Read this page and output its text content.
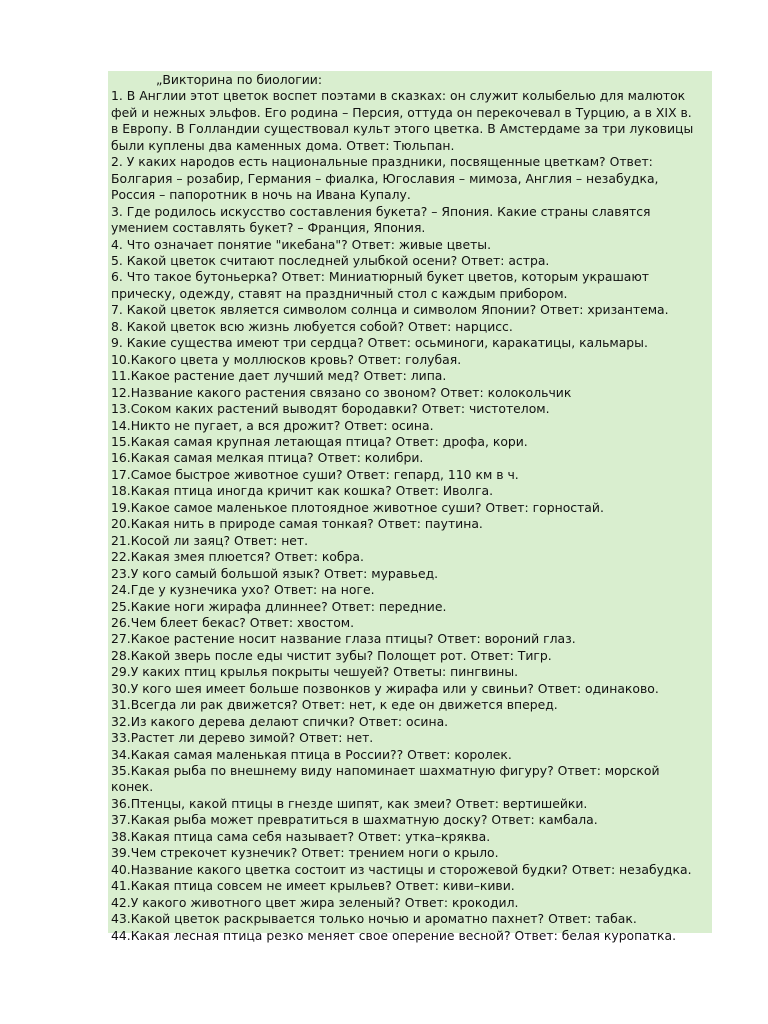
„Викторина по биологии:
1. В Англии этот цветок воспет поэтами в сказках: он служит колыбелью для малюток
фей и нежных эльфов. Его родина – Персия, оттуда он перекочевал в Турцию, а в XIX в.
в Европу. В Голландии существовал культ этого цветка. В Амстердаме за три луковицы
были куплены два каменных дома. Ответ: Тюльпан.
2. У каких народов есть национальные праздники, посвященные цветкам? Ответ:
Болгария – розабир, Германия – фиалка, Югославия – мимоза, Англия – незабудка,
Россия – папоротник в ночь на Ивана Купалу.
3. Где родилось искусство составления букета? – Япония. Какие страны славятся
умением составлять букет? – Франция, Япония.
4. Что означает понятие "икебана"? Ответ: живые цветы.
5. Какой цветок считают последней улыбкой осени? Ответ: астра.
6. Что такое бутоньерка? Ответ: Миниатюрный букет цветов, которым украшают
прическу, одежду, ставят на праздничный стол с каждым прибором.
7. Какой цветок является символом солнца и символом Японии? Ответ: хризантема.
8. Какой цветок всю жизнь любуется собой? Ответ: нарцисс.
9. Какие существа имеют три сердца? Ответ: осьминоги, каракатицы, кальмары.
10.Какого цвета у моллюсков кровь? Ответ: голубая.
11.Какое растение дает лучший мед? Ответ: липа.
12.Название какого растения связано со звоном? Ответ: колокольчик
13.Соком каких растений выводят бородавки? Ответ: чистотелом.
14.Никто не пугает, а вся дрожит? Ответ: осина.
15.Какая самая крупная летающая птица? Ответ: дрофа, кори.
16.Какая самая мелкая птица? Ответ: колибри.
17.Самое быстрое животное суши? Ответ: гепард, 110 км в ч.
18.Какая птица иногда кричит как кошка? Ответ: Иволга.
19.Какое самое маленькое плотоядное животное суши? Ответ: горностай.
20.Какая нить в природе самая тонкая? Ответ: паутина.
21.Косой ли заяц? Ответ: нет.
22.Какая змея плюется? Ответ: кобра.
23.У кого самый большой язык? Ответ: муравьед.
24.Где у кузнечика ухо? Ответ: на ноге.
25.Какие ноги жирафа длиннее? Ответ: передние.
26.Чем блеет бекас? Ответ: хвостом.
27.Какое растение носит название глаза птицы? Ответ: вороний глаз.
28.Какой зверь после еды чистит зубы? Полощет рот. Ответ: Тигр.
29.У каких птиц крылья покрыты чешуей? Ответы: пингвины.
30.У кого шея имеет больше позвонков у жирафа или у свиньи? Ответ: одинаково.
31.Всегда ли рак движется? Ответ: нет, к еде он движется вперед.
32.Из какого дерева делают спички? Ответ: осина.
33.Растет ли дерево зимой? Ответ: нет.
34.Какая самая маленькая птица в России?? Ответ: королек.
35.Какая рыба по внешнему виду напоминает шахматную фигуру? Ответ: морской
конек.
36.Птенцы, какой птицы в гнезде шипят, как змеи? Ответ: вертишейки.
37.Какая рыба может превратиться в шахматную доску? Ответ: камбала.
38.Какая птица сама себя называет? Ответ: утка–кряква.
39.Чем стрекочет кузнечик? Ответ: трением ноги о крыло.
40.Название какого цветка состоит из частицы и сторожевой будки? Ответ: незабудка.
41.Какая птица совсем не имеет крыльев? Ответ: киви–киви.
42.У какого животного цвет жира зеленый? Ответ: крокодил.
43.Какой цветок раскрывается только ночью и ароматно пахнет? Ответ: табак.
44.Какая лесная птица резко меняет свое оперение весной? Ответ: белая куропатка.
